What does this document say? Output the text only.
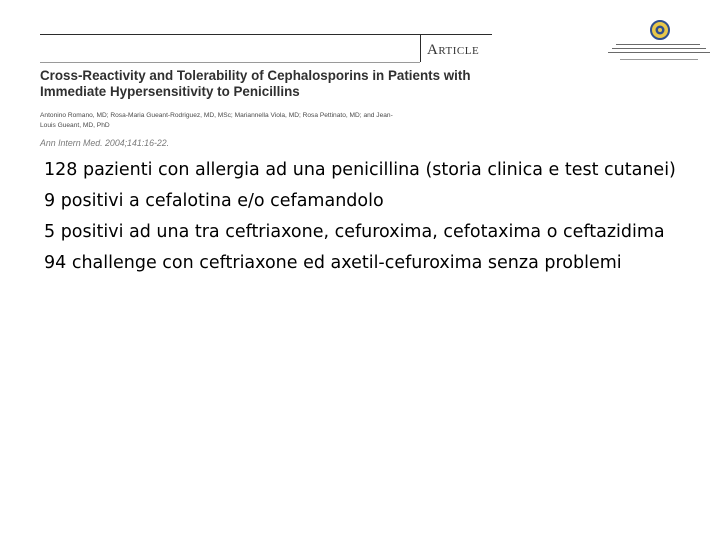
Article
Cross-Reactivity and Tolerability of Cephalosporins in Patients with Immediate Hypersensitivity to Penicillins
Antonino Romano, MD; Rosa-Maria Gueant-Rodriguez, MD, MSc; Mariannella Viola, MD; Rosa Pettinato, MD; and Jean-Louis Gueant, MD, PhD
Ann Intern Med. 2004;141:16-22.

128 pazienti con allergia ad una penicillina (storia clinica e test cutanei)

9 positivi a cefalotina e/o cefamandolo

5 positivi ad una tra ceftriaxone, cefuroxima, cefotaxima o ceftazidima

94 challenge con ceftriaxone ed axetil-cefuroxima senza problemi
